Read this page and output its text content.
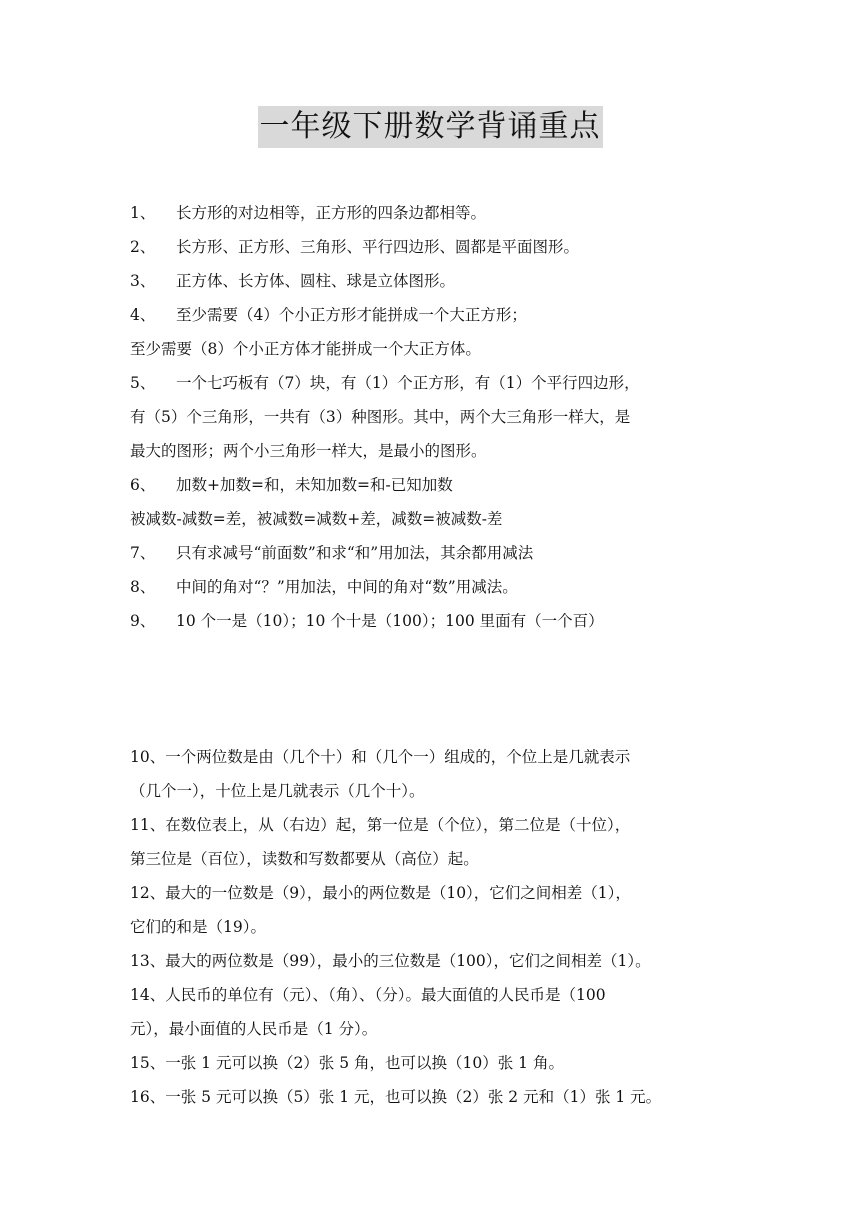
一年级下册数学背诵重点
1、 长方形的对边相等，正方形的四条边都相等。
2、 长方形、正方形、三角形、平行四边形、圆都是平面图形。
3、 正方体、长方体、圆柱、球是立体图形。
4、 至少需要（4）个小正方形才能拼成一个大正方形；
至少需要（8）个小正方体才能拼成一个大正方体。
5、 一个七巧板有（7）块，有（1）个正方形，有（1）个平行四边形，
有（5）个三角形，一共有（3）种图形。其中，两个大三角形一样大，是
最大的图形；两个小三角形一样大，是最小的图形。
6、 加数+加数=和，未知加数=和-已知加数
被减数-减数=差，被减数=减数+差，减数=被减数-差
7、 只有求减号“前面数”和求“和”用加法，其余都用减法
8、 中间的角对“？”用加法，中间的角对“数”用减法。
9、 10 个一是（10）；10 个十是（100）；100 里面有（一个百）
10、一个两位数是由（几个十）和（几个一）组成的，个位上是几就表示
（几个一），十位上是几就表示（几个十）。
11、在数位表上，从（右边）起，第一位是（个位），第二位是（十位），
第三位是（百位），读数和写数都要从（高位）起。
12、最大的一位数是（9），最小的两位数是（10），它们之间相差（1），
它们的和是（19）。
13、最大的两位数是（99），最小的三位数是（100），它们之间相差（1）。
14、人民币的单位有（元）、（角）、（分）。最大面值的人民币是（100
元），最小面值的人民币是（1 分）。
15、一张 1 元可以换（2）张 5 角，也可以换（10）张 1 角。
16、一张 5 元可以换（5）张 1 元，也可以换（2）张 2 元和（1）张 1 元。
